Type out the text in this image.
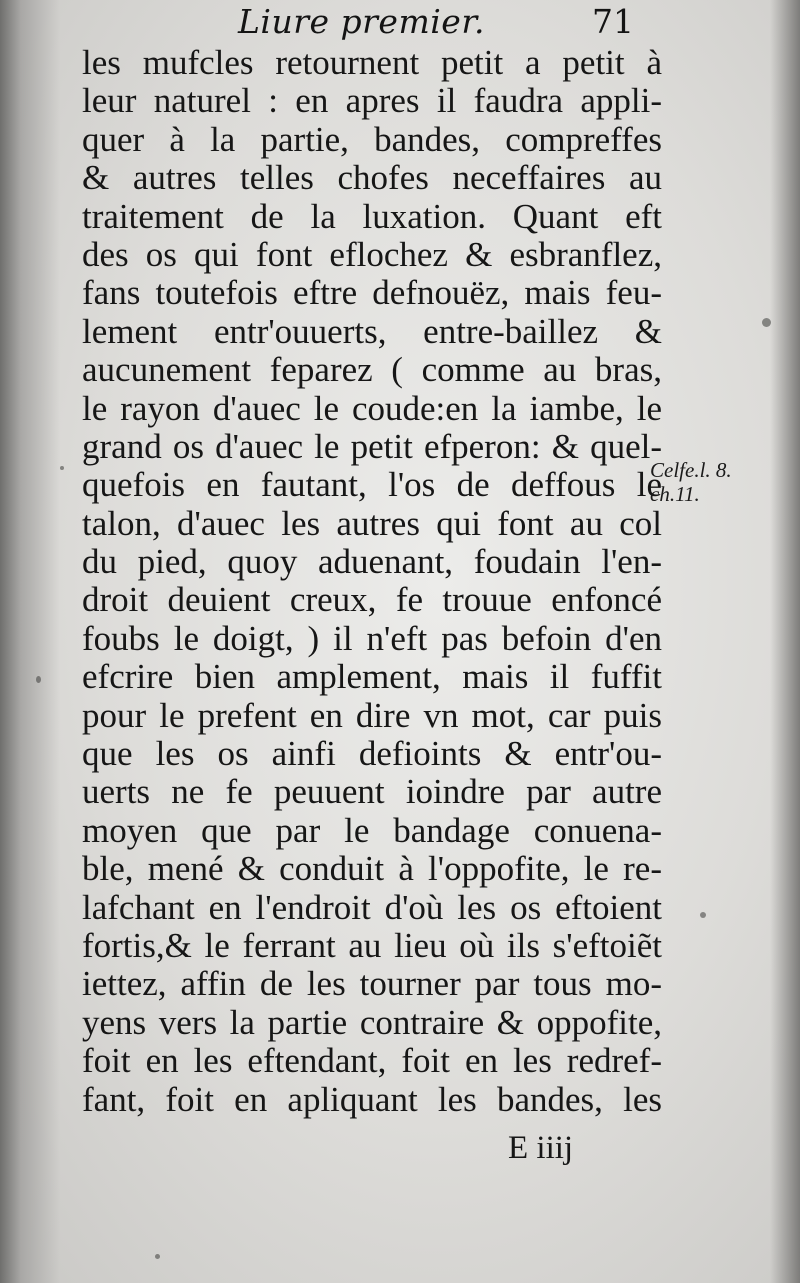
Liure premier.	71
les mufcles retournent petit a petit à
leur naturel : en apres il faudra appli-
quer à la partie, bandes, compreffes
& autres telles chofes neceffaires au
traitement de la luxation. Quant eft
des os qui font eflochez & esbranflez,
fans toutefois eftre defnouëz, mais feu-
lement entr'ouuerts, entre-baillez &
aucunement feparez ( comme au bras,
le rayon d'auec le coude:en la iambe, le
grand os d'auec le petit efperon: & quel-
quefois en fautant, l'os de deffous le
talon, d'auec les autres qui font au col
du pied, quoy aduenant, foudain l'en-
droit deuient creux, fe trouue enfoncé
foubs le doigt, ) il n'eft pas befoin d'en
efcrire bien amplement, mais il fuffit
pour le prefent en dire vn mot, car puis
que les os ainfi defioints & entr'ou-
uerts ne fe peuuent ioindre par autre
moyen que par le bandage conuena-
ble, mené & conduit à l'oppofite, le re-
lafchant en l'endroit d'où les os eftoient
fortis,& le ferrant au lieu où ils s'eftoiẽt
iettez, affin de les tourner par tous mo-
yens vers la partie contraire & oppofite,
foit en les eftendant, foit en les redref-
fant, foit en apliquant les bandes, les
Celfe.l. 8.
ch.11.
E iiij
